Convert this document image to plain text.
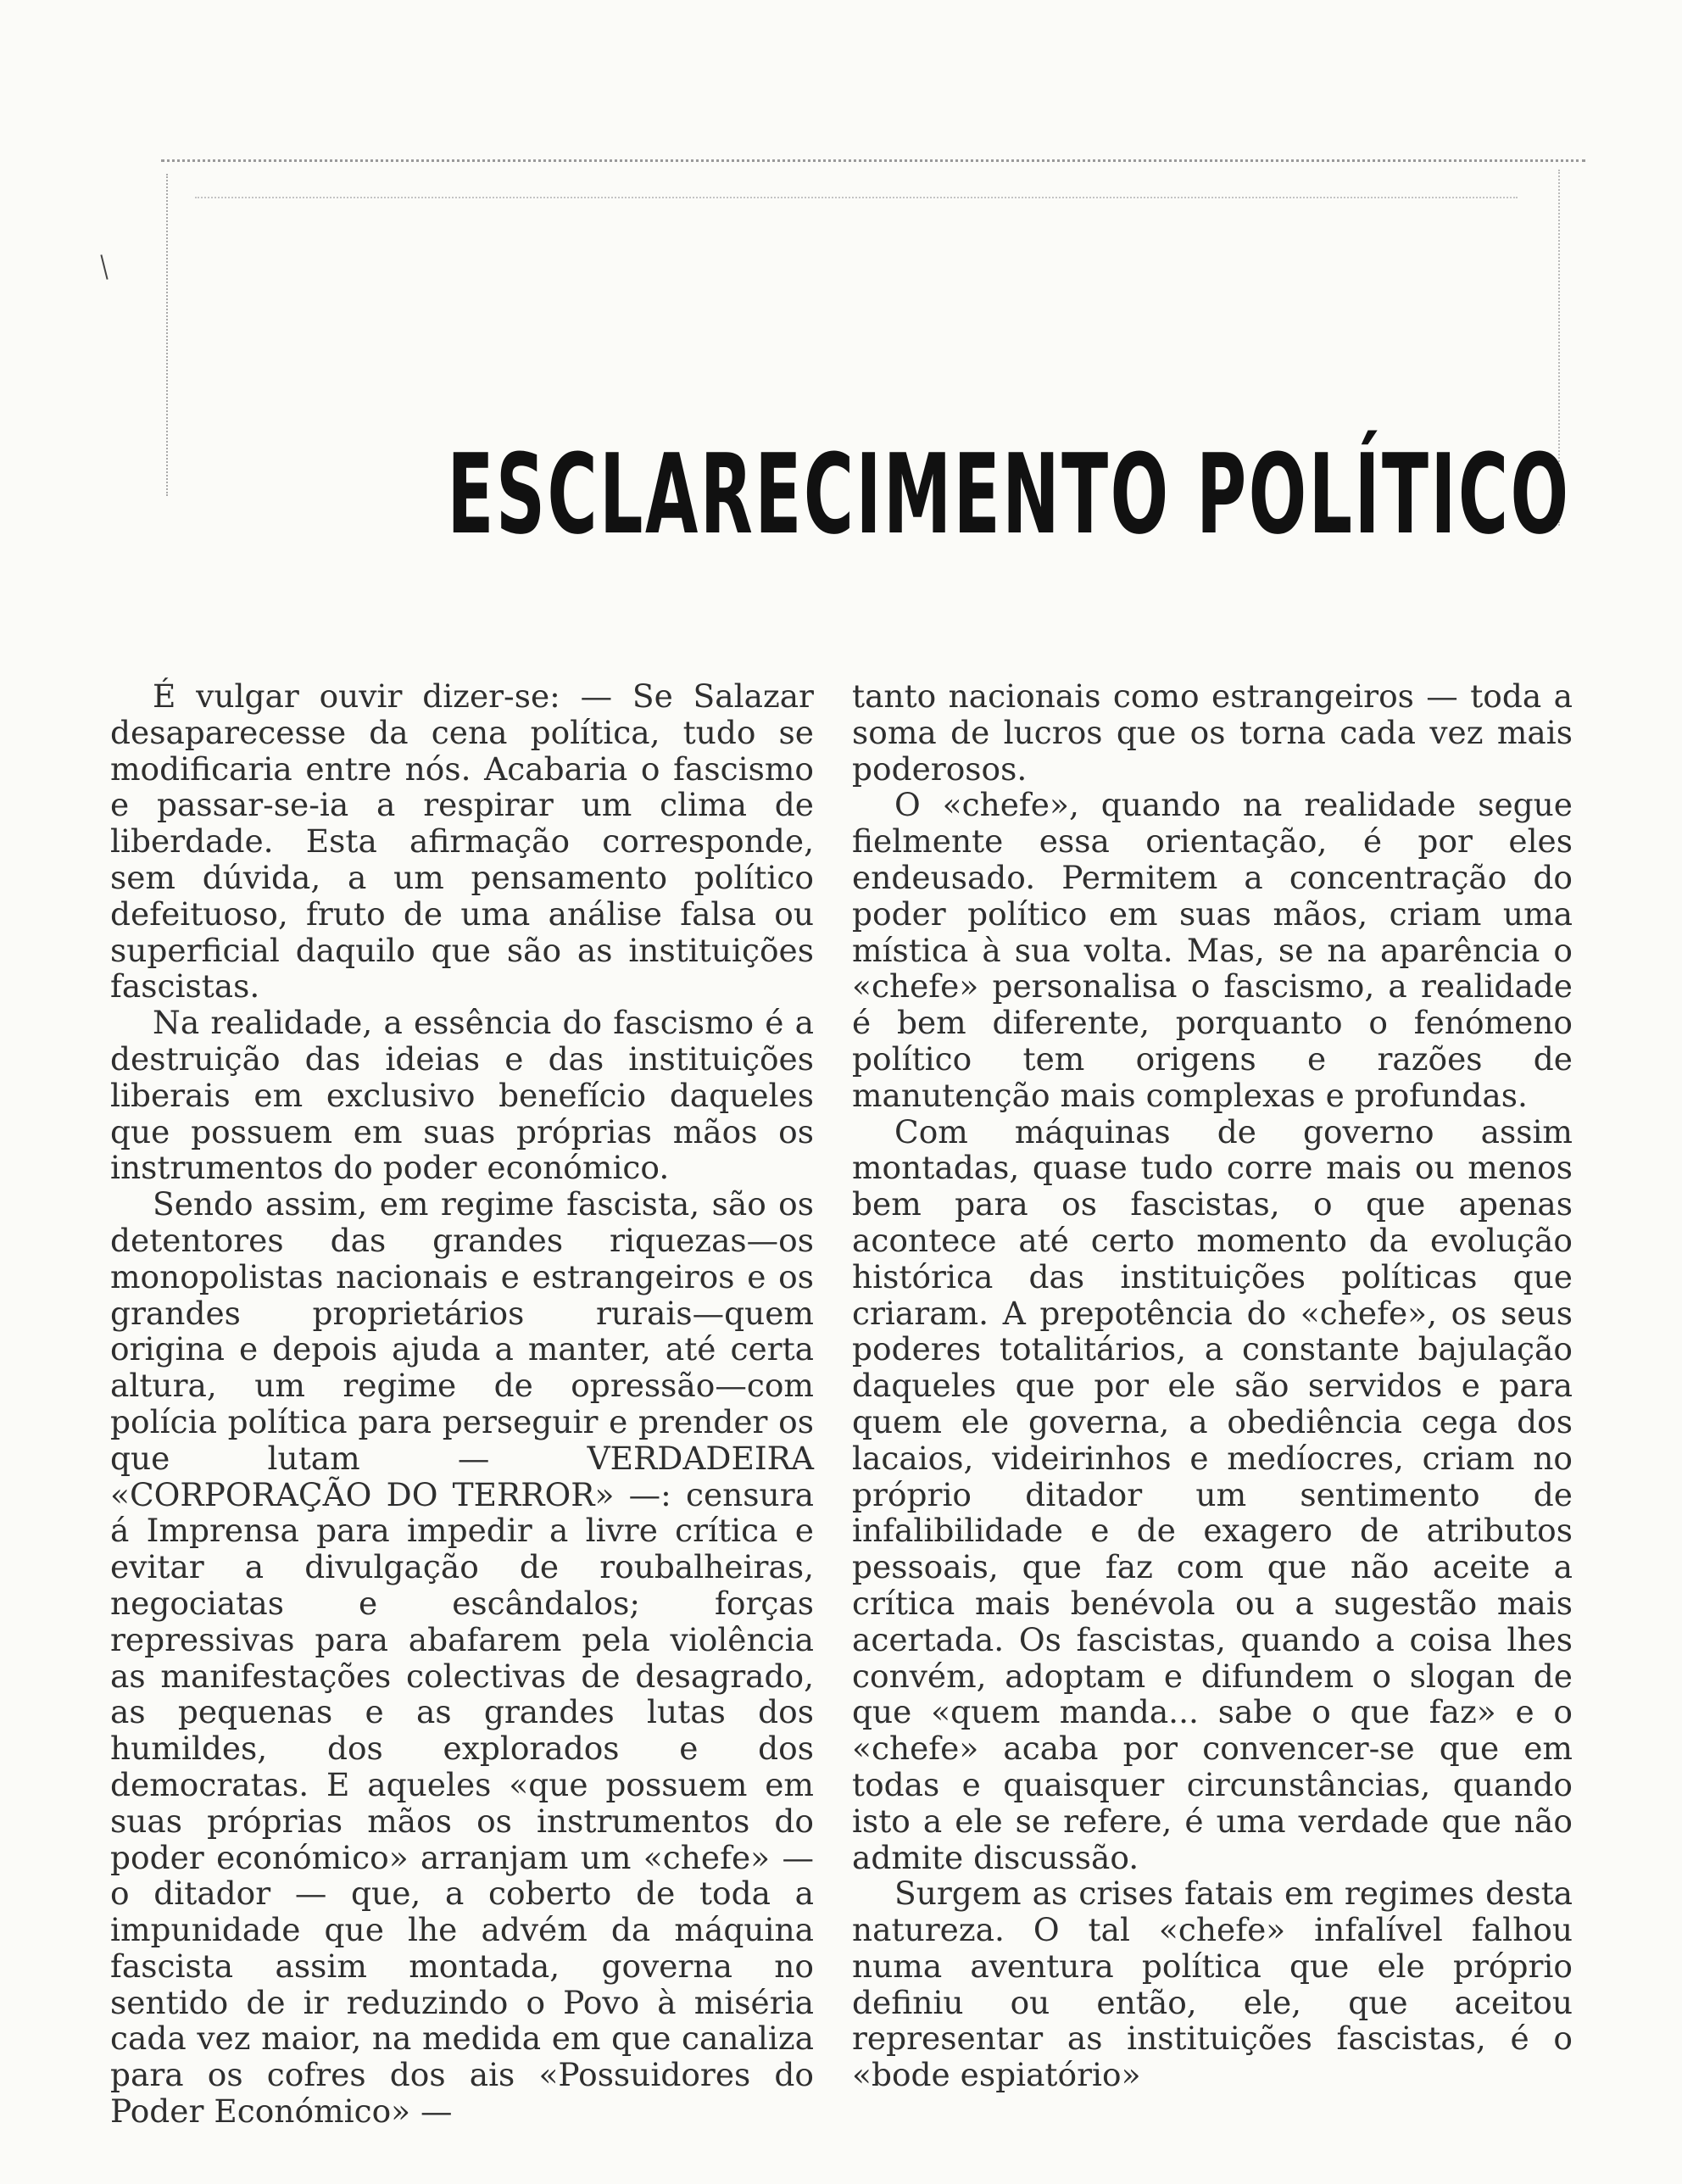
ESCLARECIMENTO POLÍTICO

É vulgar ouvir dizer-se: — Se Salazar desaparecesse da cena política, tudo se modificaria entre nós. Acabaria o fascismo e passar-se-ia a respirar um clima de liberdade. Esta afirmação corresponde, sem dúvida, a um pensamento político defeituoso, fruto de uma análise falsa ou superficial daquilo que são as instituições fascistas.

Na realidade, a essência do fascismo é a destruição das ideias e das instituições liberais em exclusivo benefício daqueles que possuem em suas próprias mãos os instrumentos do poder económico.

Sendo assim, em regime fascista, são os detentores das grandes riquezas—os monopolistas nacionais e estrangeiros e os grandes proprietários rurais—quem origina e depois ajuda a manter, até certa altura, um regime de opressão—com polícia política para perseguir e prender os que lutam — VERDADEIRA «CORPORAÇÃO DO TERROR» —: censura á Imprensa para impedir a livre crítica e evitar a divulgação de roubalheiras, negociatas e escândalos; forças repressivas para abafarem pela violência as manifestações colectivas de desagrado, as pequenas e as grandes lutas dos humildes, dos explorados e dos democratas. E aqueles «que possuem em suas próprias mãos os instrumentos do poder económico» arranjam um «chefe» — o ditador — que, a coberto de toda a impunidade que lhe advém da máquina fascista assim montada, governa no sentido de ir reduzindo o Povo à miséria cada vez maior, na medida em que canaliza para os cofres dos ais «Possuidores do Poder Económico» —

tanto nacionais como estrangeiros — toda a soma de lucros que os torna cada vez mais poderosos.

O «chefe», quando na realidade segue fielmente essa orientação, é por eles endeusado. Permitem a concentração do poder político em suas mãos, criam uma mística à sua volta. Mas, se na aparência o «chefe» personalisa o fascismo, a realidade é bem diferente, porquanto o fenómeno político tem origens e razões de manutenção mais complexas e profundas.

Com máquinas de governo assim montadas, quase tudo corre mais ou menos bem para os fascistas, o que apenas acontece até certo momento da evolução histórica das instituições políticas que criaram. A prepotência do «chefe», os seus poderes totalitários, a constante bajulação daqueles que por ele são servidos e para quem ele governa, a obediência cega dos lacaios, videirinhos e medíocres, criam no próprio ditador um sentimento de infalibilidade e de exagero de atributos pessoais, que faz com que não aceite a crítica mais benévola ou a sugestão mais acertada. Os fascistas, quando a coisa lhes convém, adoptam e difundem o slogan de que «quem manda... sabe o que faz» e o «chefe» acaba por convencer-se que em todas e quaisquer circunstâncias, quando isto a ele se refere, é uma verdade que não admite discussão.

Surgem as crises fatais em regimes desta natureza. O tal «chefe» infalível falhou numa aventura política que ele próprio definiu ou então, ele, que aceitou representar as instituições fascistas, é o «bode espiatório»
